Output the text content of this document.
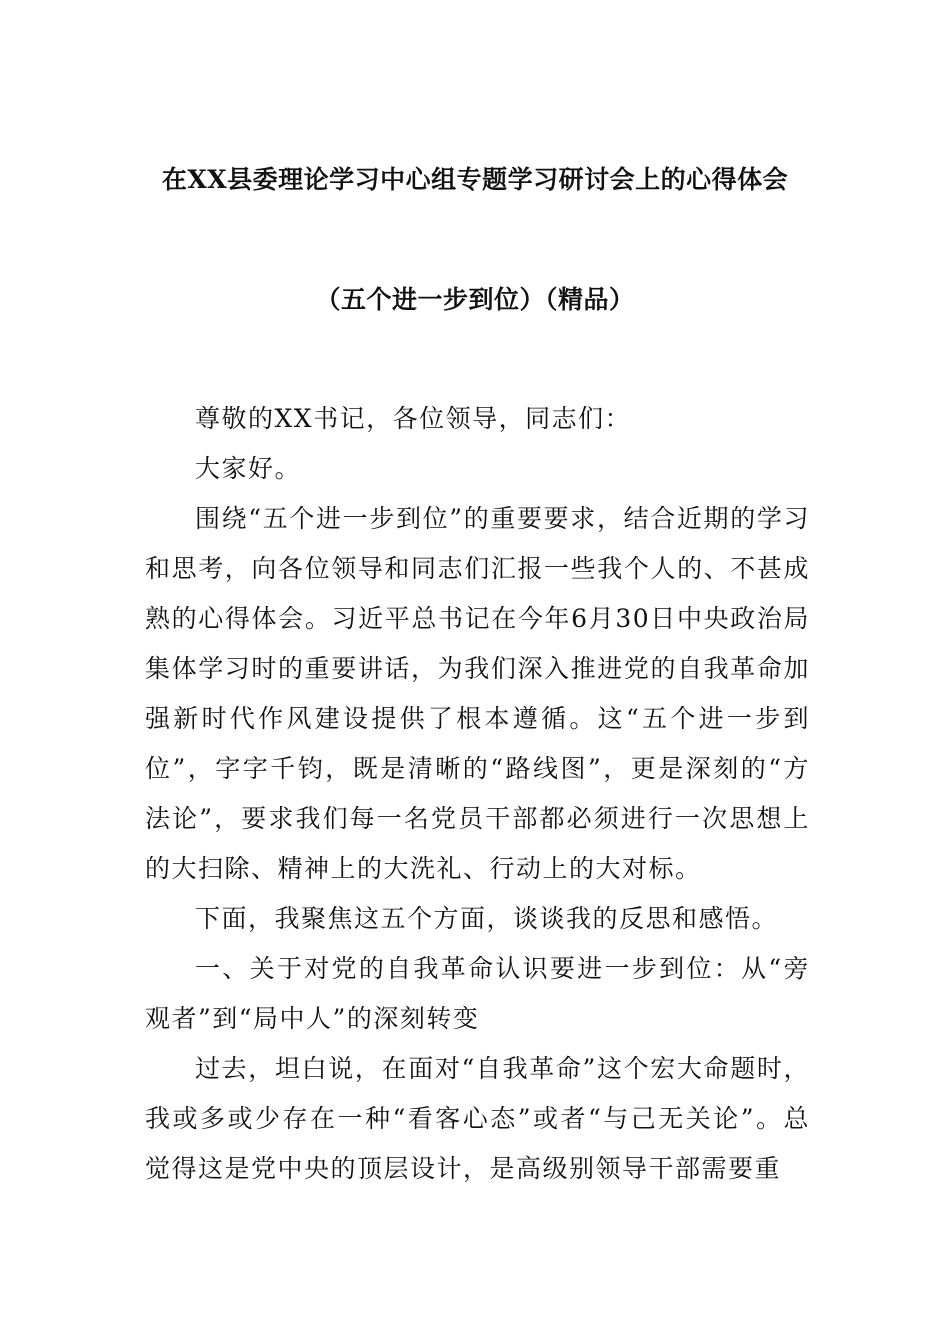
在XX县委理论学习中心组专题学习研讨会上的心得体会
（五个进一步到位）（精品）

尊敬的XX书记，各位领导，同志们：

大家好。

围绕“五个进一步到位”的重要要求，结合近期的学习和思考，向各位领导和同志们汇报一些我个人的、不甚成熟的心得体会。习近平总书记在今年6月30日中央政治局集体学习时的重要讲话，为我们深入推进党的自我革命加强新时代作风建设提供了根本遵循。这“五个进一步到位”，字字千钧，既是清晰的“路线图”，更是深刻的“方法论”，要求我们每一名党员干部都必须进行一次思想上的大扫除、精神上的大洗礼、行动上的大对标。

下面，我聚焦这五个方面，谈谈我的反思和感悟。

一、关于对党的自我革命认识要进一步到位：从“旁观者”到“局中人”的深刻转变

过去，坦白说，在面对“自我革命”这个宏大命题时，我或多或少存在一种“看客心态”或者“与己无关论”。总觉得这是党中央的顶层设计，是高级别领导干部需要重
